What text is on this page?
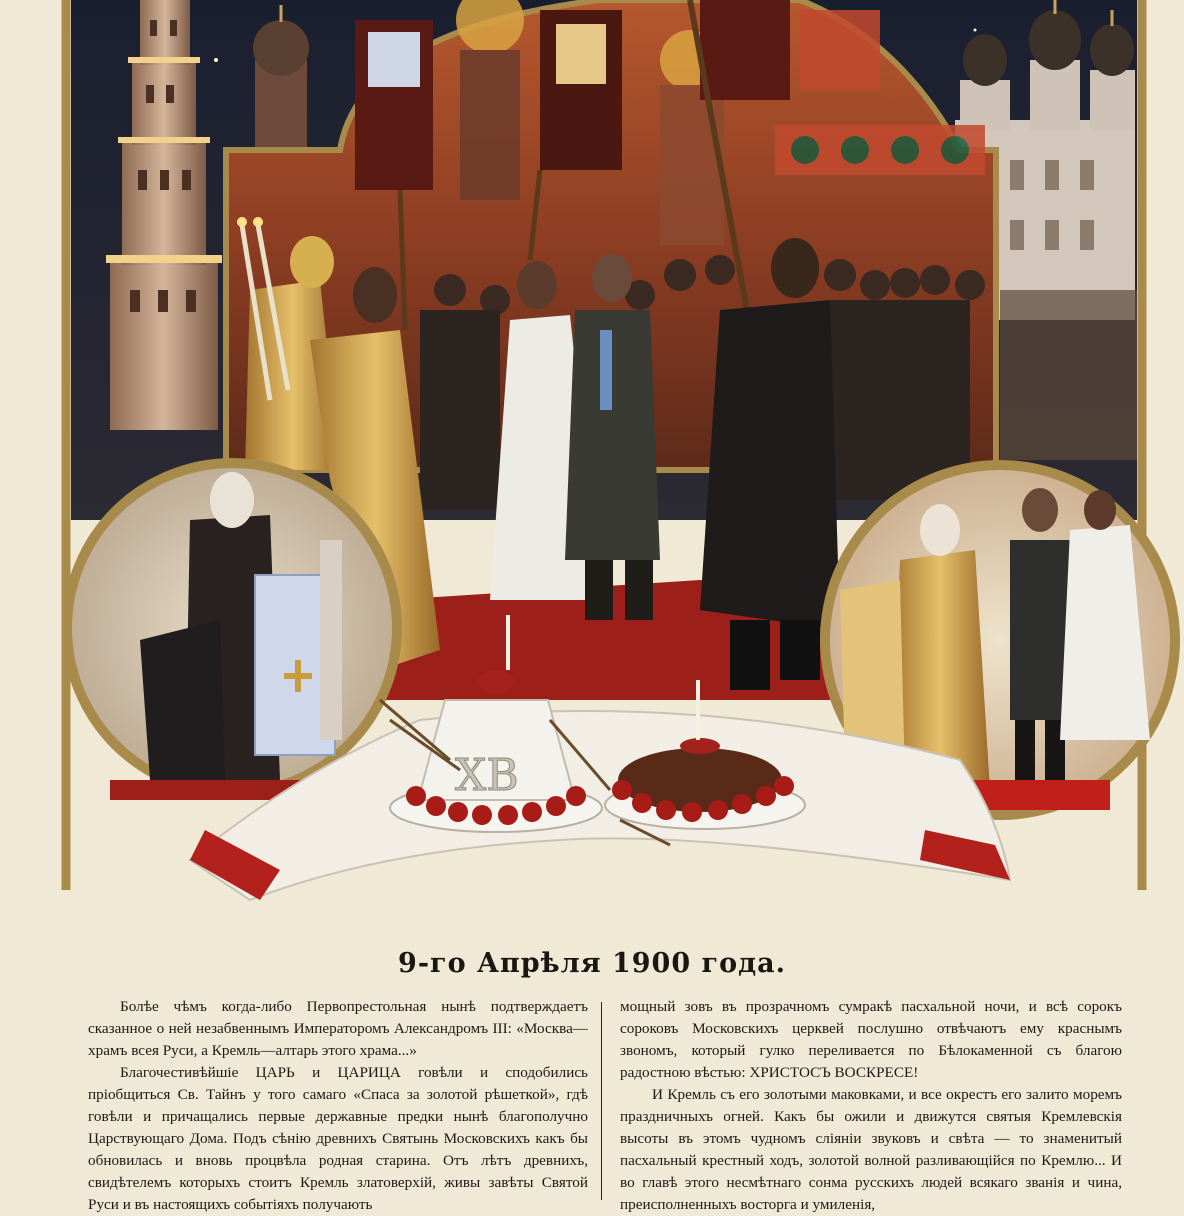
ХВ
9-го Апрѣля 1900 года.

Болѣе чѣмъ когда-либо Первопрестольная нынѣ подтверждаетъ сказанное о ней незабвеннымъ Императоромъ Александромъ III: «Москва—храмъ всея Руси, а Кремль—алтарь этого храма...»

Благочестивѣйшіе ЦАРЬ и ЦАРИЦА говѣли и сподобились пріобщиться Св. Тайнъ у того самаго «Спаса за золотой рѣшеткой», гдѣ говѣли и причащались первые державные предки нынѣ благополучно Царствующаго Дома. Подъ сѣнію древнихъ Святынь Московскихъ какъ бы обновилась и вновь процвѣла родная старина. Отъ лѣтъ древнихъ, свидѣтелемъ которыхъ стоитъ Кремль златоверхій, живы завѣты Святой Руси и въ настоящихъ событіяхъ получають

мощный зовъ въ прозрачномъ сумракѣ пасхальной ночи, и всѣ сорокъ сороковъ Московскихъ церквей послушно отвѣчаютъ ему краснымъ звономъ, который гулко переливается по Бѣлокаменной съ благою радостною вѣстью: ХРИСТОСЪ ВОСКРЕСЕ!

И Кремль съ его золотыми маковками, и все окрестъ его залито моремъ праздничныхъ огней. Какъ бы ожили и движутся святыя Кремлевскія высоты въ этомъ чудномъ слiянiи звуковъ и свѣта — то знаменитый пасхальный крестный ходъ, золотой волной разливающійся по Кремлю... И во главѣ этого несмѣтнаго сонма русскихъ людей всякаго званія и чина, преисполненныхъ восторга и умиленія,
